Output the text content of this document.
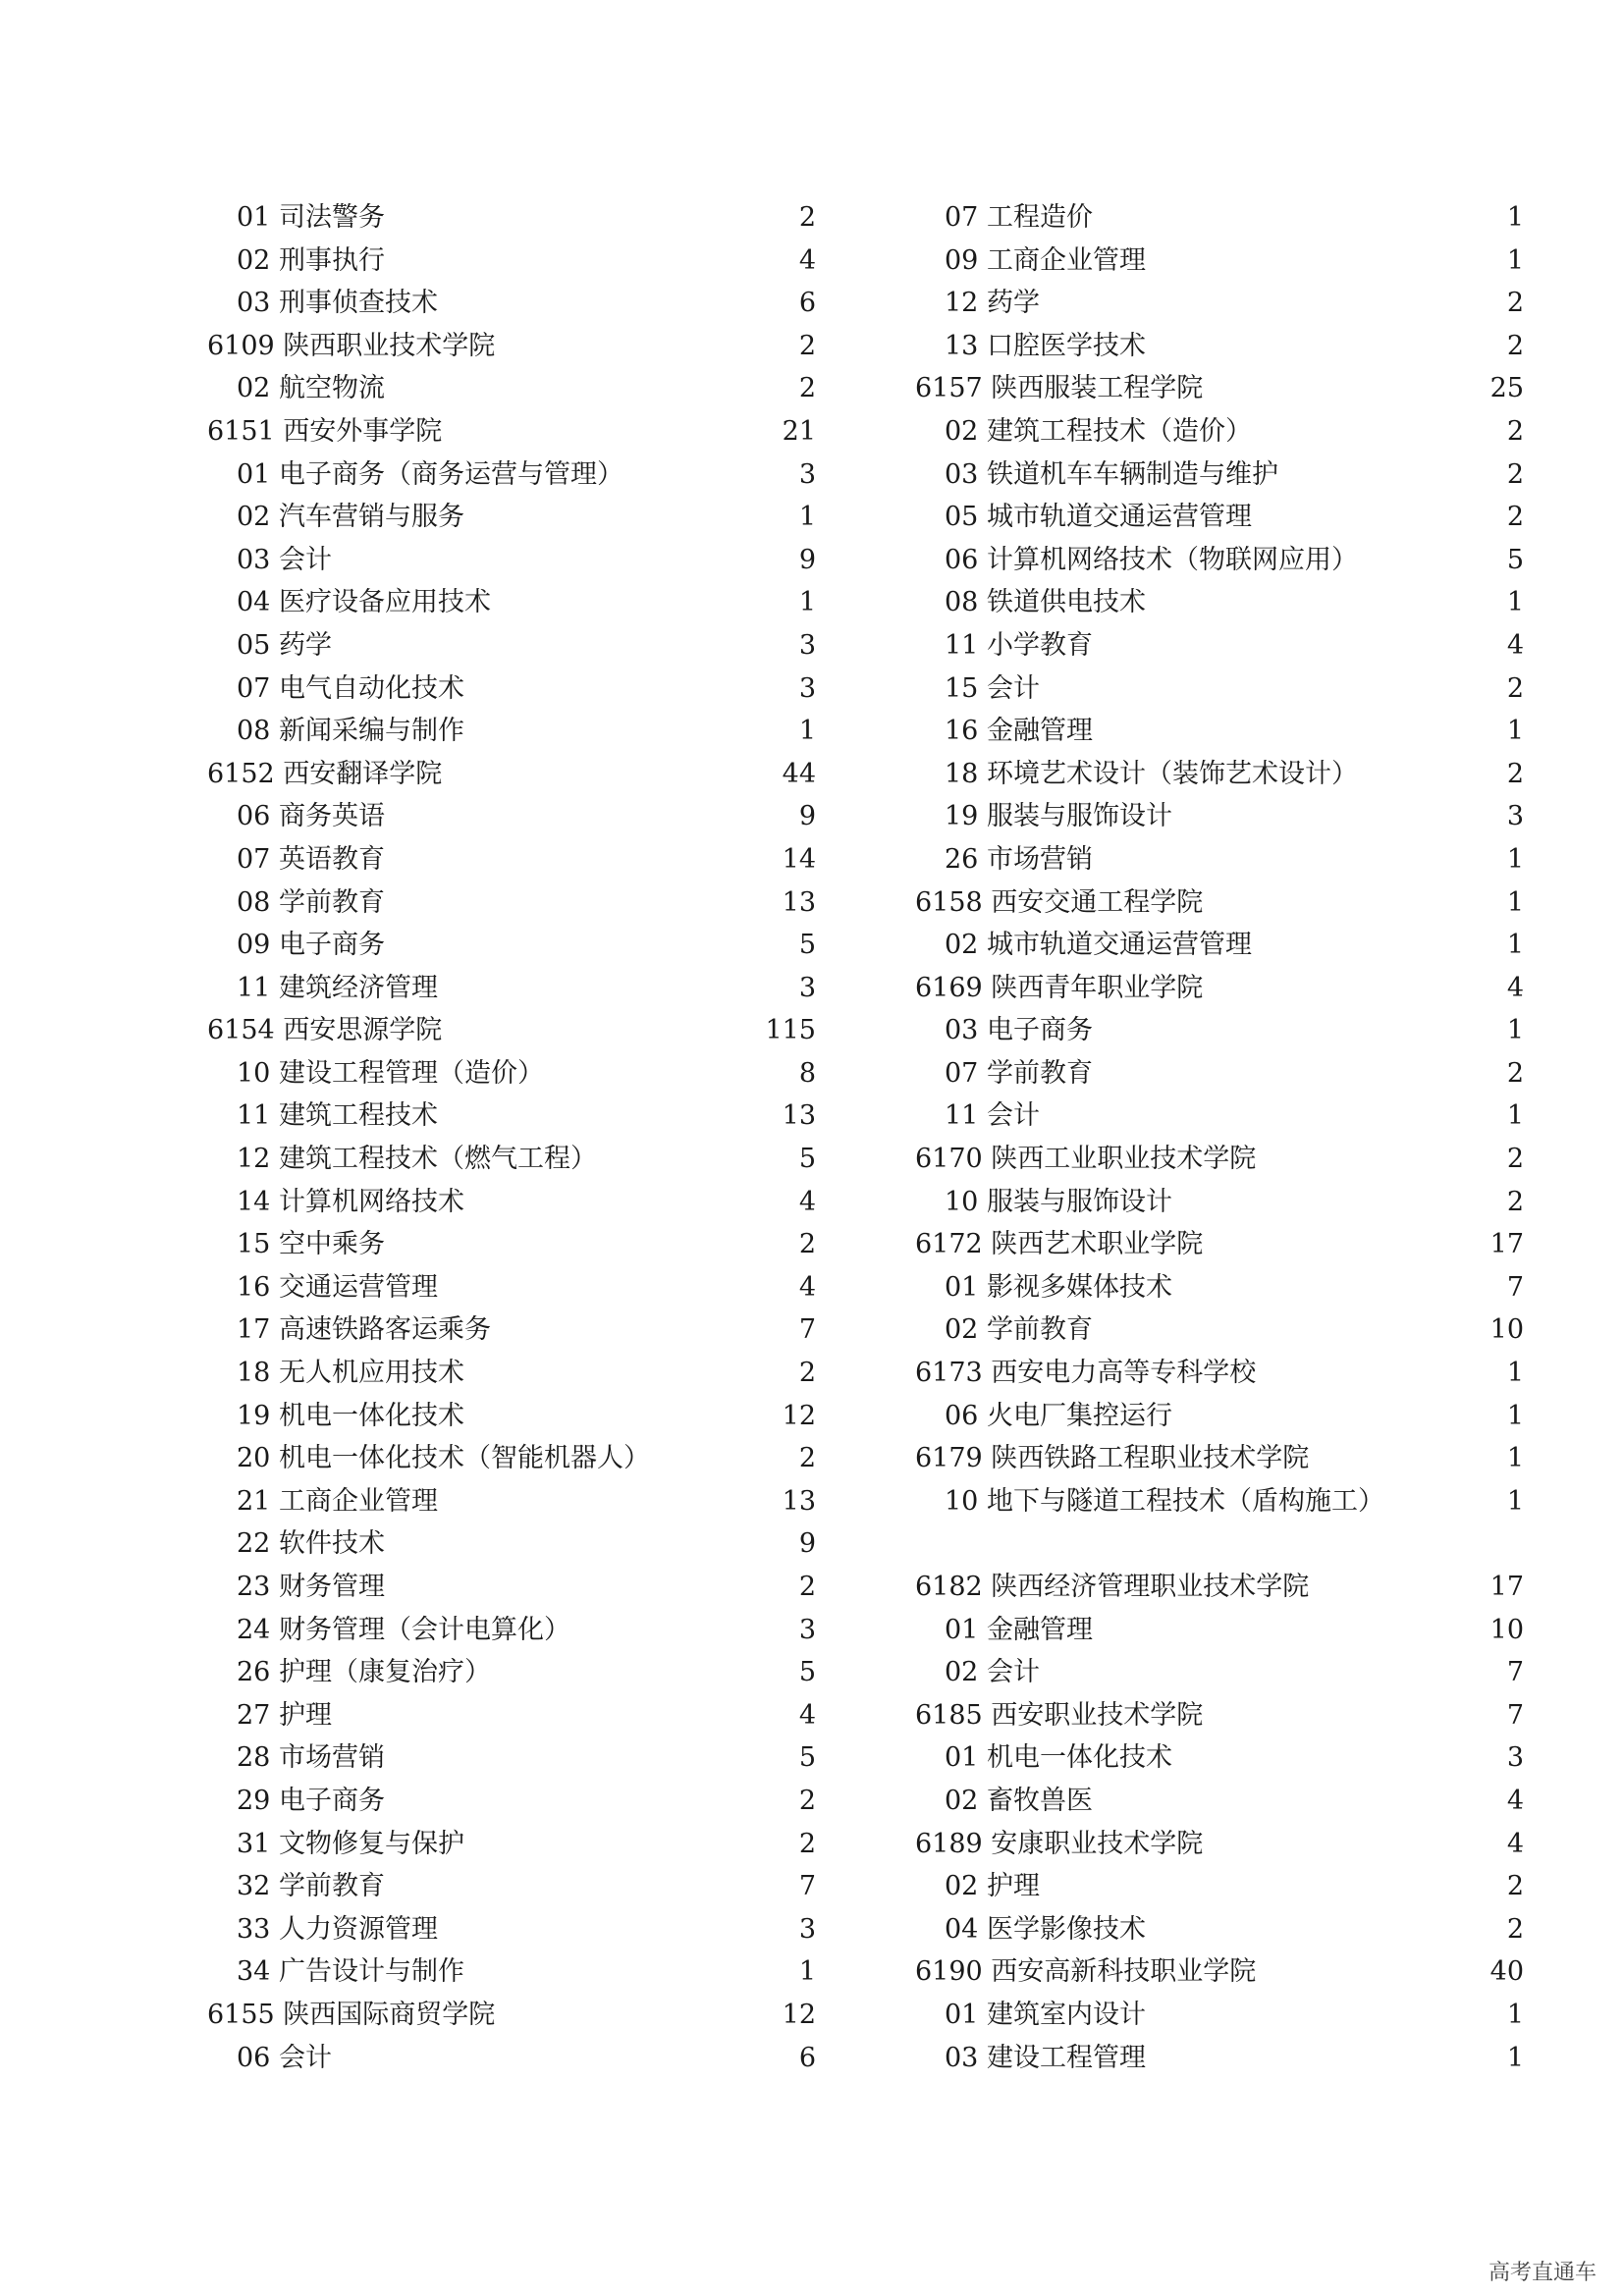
01 司法警务	2
02 刑事执行	4
03 刑事侦查技术	6
6109 陕西职业技术学院	2
02 航空物流	2
6151 西安外事学院	21
01 电子商务（商务运营与管理）	3
02 汽车营销与服务	1
03 会计	9
04 医疗设备应用技术	1
05 药学	3
07 电气自动化技术	3
08 新闻采编与制作	1
6152 西安翻译学院	44
06 商务英语	9
07 英语教育	14
08 学前教育	13
09 电子商务	5
11 建筑经济管理	3
6154 西安思源学院	115
10 建设工程管理（造价）	8
11 建筑工程技术	13
12 建筑工程技术（燃气工程）	5
14 计算机网络技术	4
15 空中乘务	2
16 交通运营管理	4
17 高速铁路客运乘务	7
18 无人机应用技术	2
19 机电一体化技术	12
20 机电一体化技术（智能机器人）	2
21 工商企业管理	13
22 软件技术	9
23 财务管理	2
24 财务管理（会计电算化）	3
26 护理（康复治疗）	5
27 护理	4
28 市场营销	5
29 电子商务	2
31 文物修复与保护	2
32 学前教育	7
33 人力资源管理	3
34 广告设计与制作	1
6155 陕西国际商贸学院	12
06 会计	6
07 工程造价	1
09 工商企业管理	1
12 药学	2
13 口腔医学技术	2
6157 陕西服装工程学院	25
02 建筑工程技术（造价）	2
03 铁道机车车辆制造与维护	2
05 城市轨道交通运营管理	2
06 计算机网络技术（物联网应用）	5
08 铁道供电技术	1
11 小学教育	4
15 会计	2
16 金融管理	1
18 环境艺术设计（装饰艺术设计）	2
19 服装与服饰设计	3
26 市场营销	1
6158 西安交通工程学院	1
02 城市轨道交通运营管理	1
6169 陕西青年职业学院	4
03 电子商务	1
07 学前教育	2
11 会计	1
6170 陕西工业职业技术学院	2
10 服装与服饰设计	2
6172 陕西艺术职业学院	17
01 影视多媒体技术	7
02 学前教育	10
6173 西安电力高等专科学校	1
06 火电厂集控运行	1
6179 陕西铁路工程职业技术学院	1
10 地下与隧道工程技术（盾构施工）	1
6182 陕西经济管理职业技术学院	17
01 金融管理	10
02 会计	7
6185 西安职业技术学院	7
01 机电一体化技术	3
02 畜牧兽医	4
6189 安康职业技术学院	4
02 护理	2
04 医学影像技术	2
6190 西安高新科技职业学院	40
01 建筑室内设计	1
03 建设工程管理	1
高考直通车
